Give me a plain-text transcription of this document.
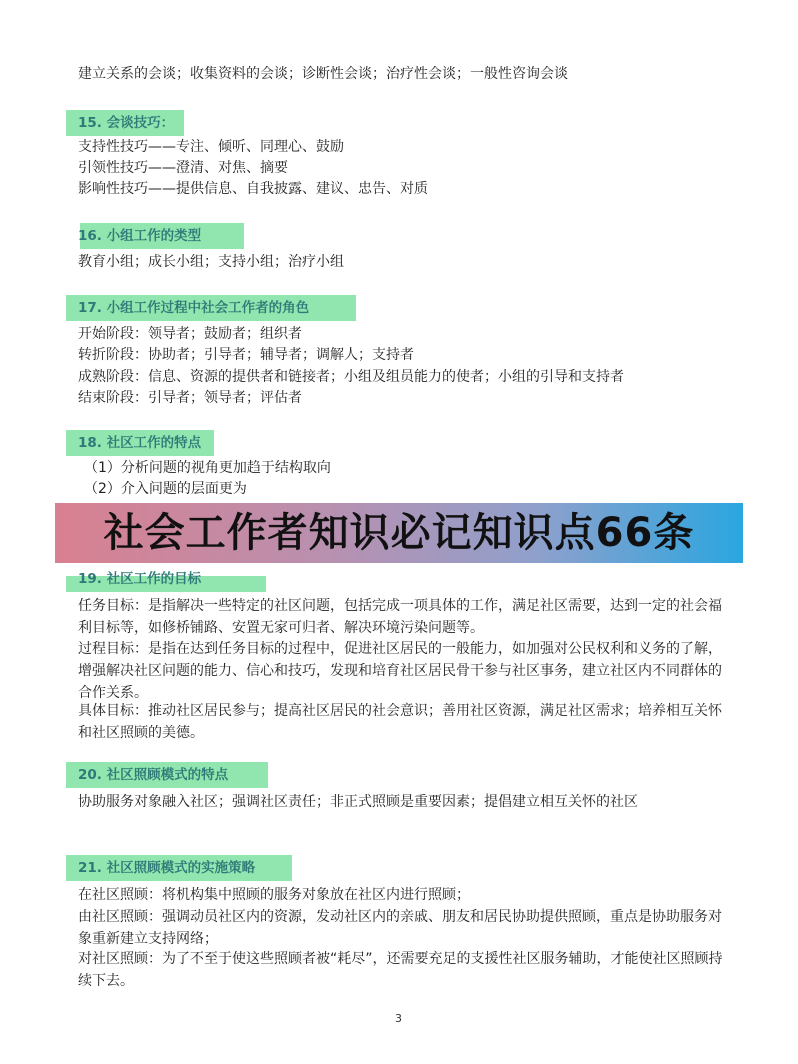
建立关系的会谈；收集资料的会谈；诊断性会谈；治疗性会谈；一般性咨询会谈
15. 会谈技巧：
支持性技巧——专注、倾听、同理心、鼓励
引领性技巧——澄清、对焦、摘要
影响性技巧——提供信息、自我披露、建议、忠告、对质
16. 小组工作的类型
教育小组；成长小组；支持小组；治疗小组
17. 小组工作过程中社会工作者的角色
开始阶段：领导者；鼓励者；组织者
转折阶段：协助者；引导者；辅导者；调解人；支持者
成熟阶段：信息、资源的提供者和链接者；小组及组员能力的使者；小组的引导和支持者
结束阶段：引导者；领导者；评估者
18. 社区工作的特点
（1）分析问题的视角更加趋于结构取向
（2）介入问题的层面更为
社会工作者知识必记知识点66条
19. 社区工作的目标
任务目标：是指解决一些特定的社区问题，包括完成一项具体的工作，满足社区需要，达到一定的社会福利目标等，如修桥铺路、安置无家可归者、解决环境污染问题等。
过程目标：是指在达到任务目标的过程中，促进社区居民的一般能力，如加强对公民权利和义务的了解，增强解决社区问题的能力、信心和技巧，发现和培育社区居民骨干参与社区事务，建立社区内不同群体的合作关系。
具体目标：推动社区居民参与；提高社区居民的社会意识；善用社区资源，满足社区需求；培养相互关怀和社区照顾的美德。
20. 社区照顾模式的特点
协助服务对象融入社区；强调社区责任；非正式照顾是重要因素；提倡建立相互关怀的社区
21. 社区照顾模式的实施策略
在社区照顾：将机构集中照顾的服务对象放在社区内进行照顾；
由社区照顾：强调动员社区内的资源，发动社区内的亲戚、朋友和居民协助提供照顾，重点是协助服务对象重新建立支持网络；
对社区照顾：为了不至于使这些照顾者被“耗尽”，还需要充足的支援性社区服务辅助，才能使社区照顾持续下去。
3
